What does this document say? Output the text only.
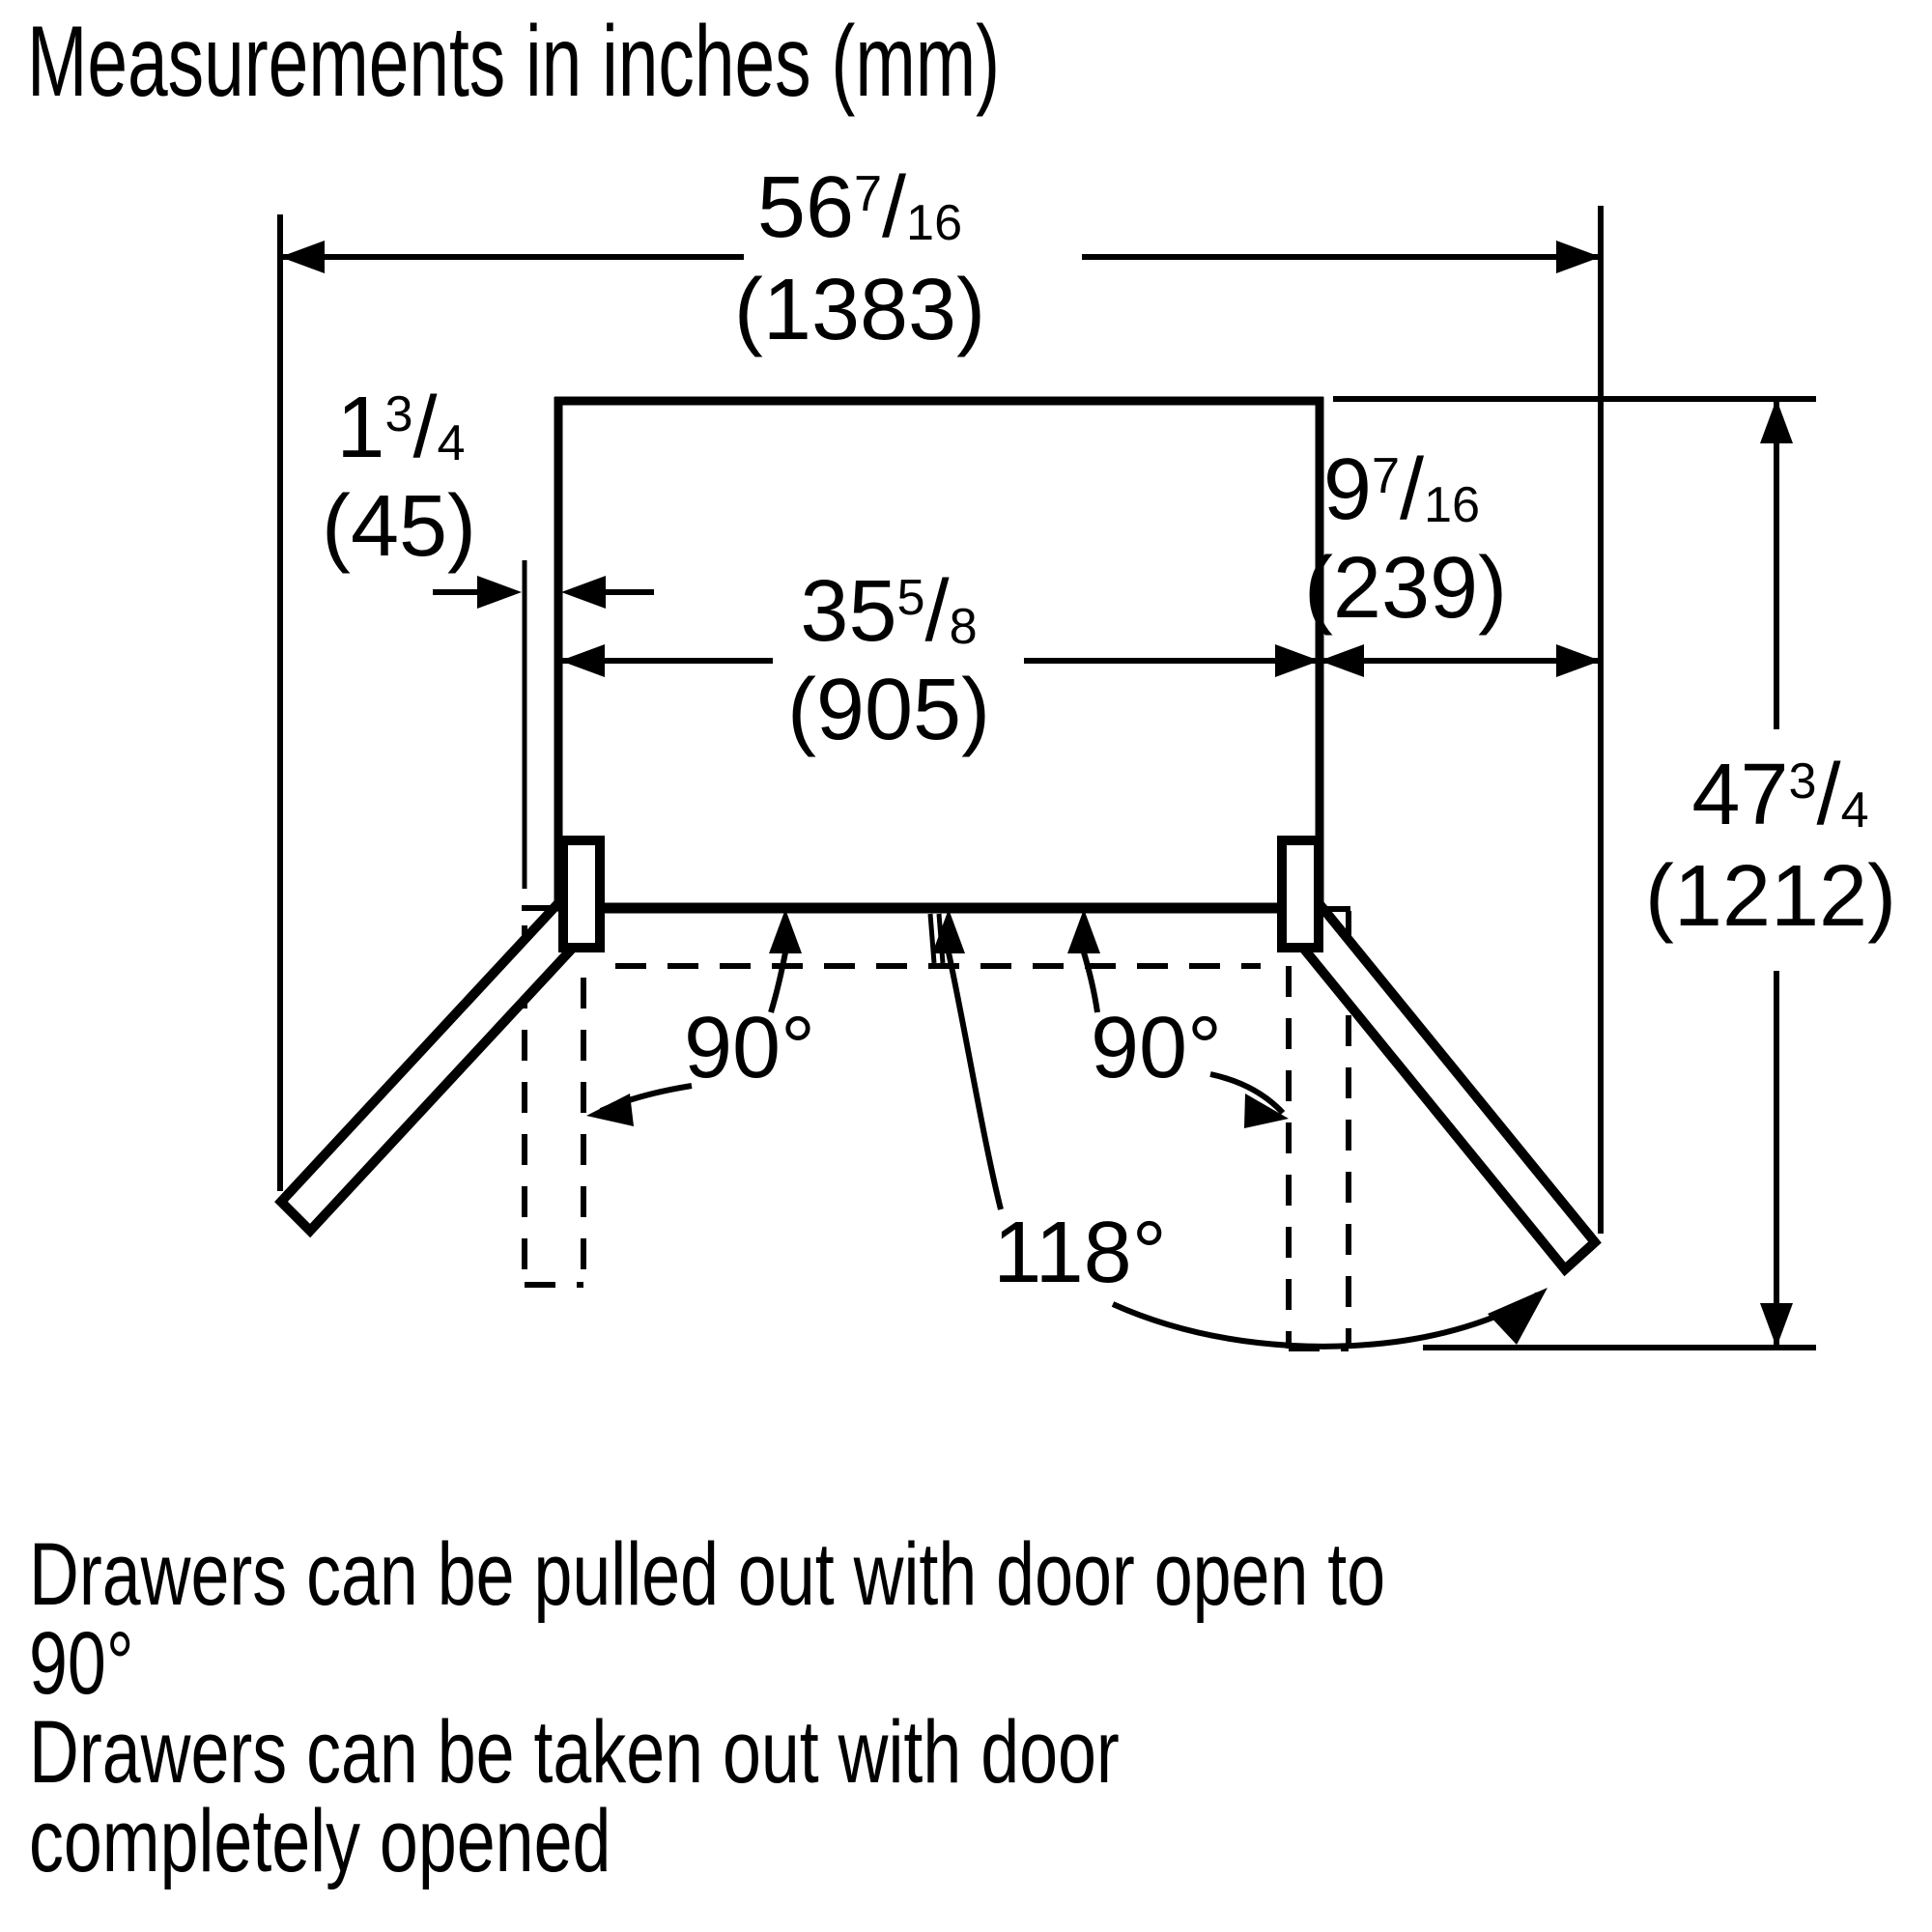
Measurements in inches (mm)
$56^7/_{16}$
(1383)
$1^3/_4$
(45)
$35^5/_8$
(905)
$9^7/_{16}$
(239)
$47^3/_4$
(1212)
90°	90°
118°
Drawers can be pulled out with door open to
90°
Drawers can be taken out with door
completely opened
